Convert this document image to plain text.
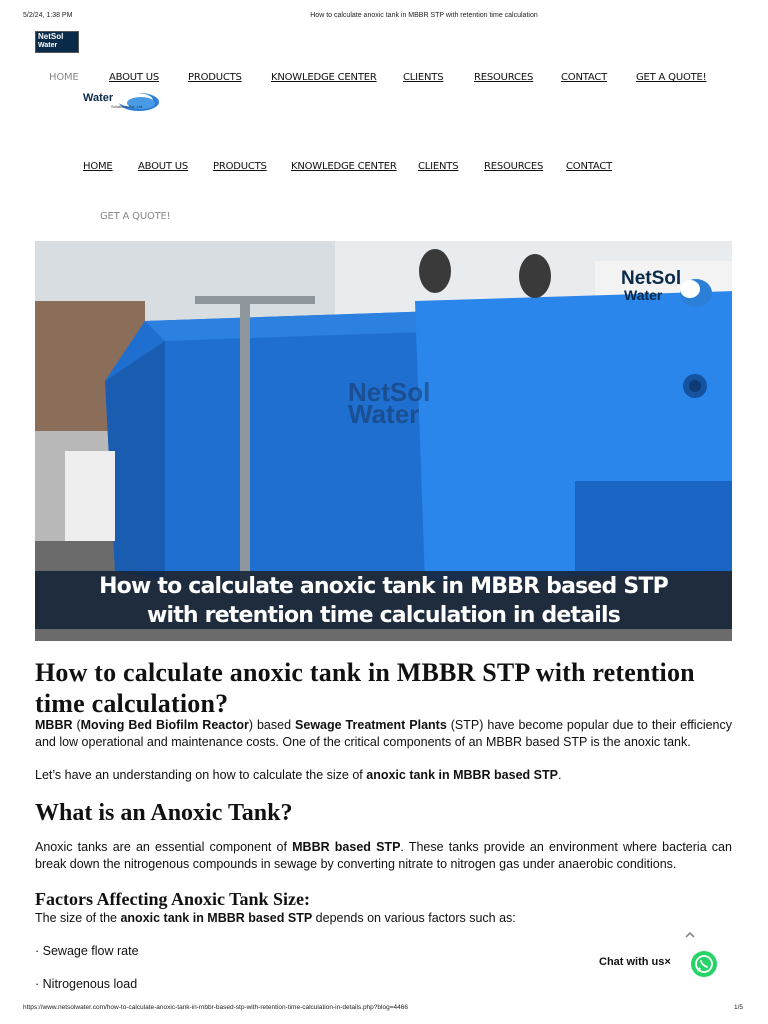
5/2/24, 1:38 PM	How to calculate anoxic tank in MBBR STP with retention time calculation
NetSol
Water
HOME	ABOUT US	PRODUCTS	KNOWLEDGE CENTER	CLIENTS	RESOURCES	CONTACT	GET A QUOTE!
Water
Solutions Pvt. Ltd.
HOME	ABOUT US PRODUCTS KNOWLEDGE CENTER CLIENTS	RESOURCES CONTACT
GET A QUOTE!
NetSol
Water
NetSol
Water
How to calculate anoxic tank in MBBR based STP
with retention time calculation in details
How to calculate anoxic tank in MBBR STP with retention time calculation?

MBBR (Moving Bed Biofilm Reactor) based Sewage Treatment Plants (STP) have become popular due to their efficiency and low operational and maintenance costs. One of the critical components of an MBBR based STP is the anoxic tank.

Let’s have an understanding on how to calculate the size of anoxic tank in MBBR based STP.

What is an Anoxic Tank?

Anoxic tanks are an essential component of MBBR based STP. These tanks provide an environment where bacteria can break down the nitrogenous compounds in sewage by converting nitrate to nitrogen gas under anaerobic conditions.

Factors Affecting Anoxic Tank Size:

The size of the anoxic tank in MBBR based STP depends on various factors such as:

· Sewage flow rate

· Nitrogenous load

Chat with us×
https://www.netsolwater.com/how-to-calculate-anoxic-tank-in-mbbr-based-stp-with-retention-time-calculation-in-details.php?blog=4466	1/5
